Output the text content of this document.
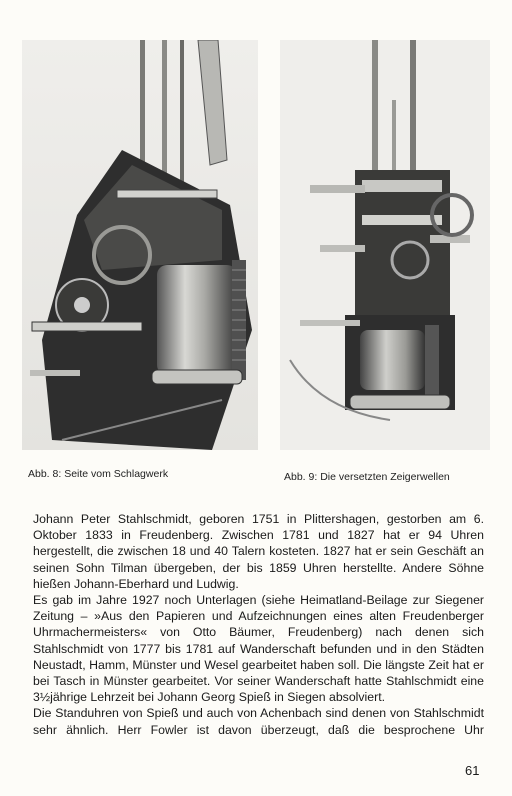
Abb. 8: Seite vom Schlagwerk	Abb. 9: Die versetzten Zeigerwellen

Johann Peter Stahlschmidt, geboren 1751 in Plittershagen, gestorben am 6. Oktober 1833 in Freudenberg. Zwischen 1781 und 1827 hat er 94 Uhren hergestellt, die zwischen 18 und 40 Talern kosteten. 1827 hat er sein Geschäft an seinen Sohn Tilman übergeben, der bis 1859 Uhren herstellte. Andere Söhne hießen Johann-Eberhard und Ludwig.

Es gab im Jahre 1927 noch Unterlagen (siehe Heimatland-Beilage zur Siegener Zeitung – »Aus den Papieren und Aufzeichnungen eines alten Freudenberger Uhrmachermeisters« von Otto Bäumer, Freudenberg) nach denen sich Stahlschmidt von 1777 bis 1781 auf Wanderschaft befunden und in den Städten Neustadt, Hamm, Münster und Wesel gearbeitet haben soll. Die längste Zeit hat er bei Tasch in Münster gearbeitet. Vor seiner Wanderschaft hatte Stahlschmidt eine 3½jährige Lehrzeit bei Johann Georg Spieß in Siegen absolviert.

Die Standuhren von Spieß und auch von Achenbach sind denen von Stahlschmidt sehr ähnlich. Herr Fowler ist davon überzeugt, daß die besprochene Uhr

61
